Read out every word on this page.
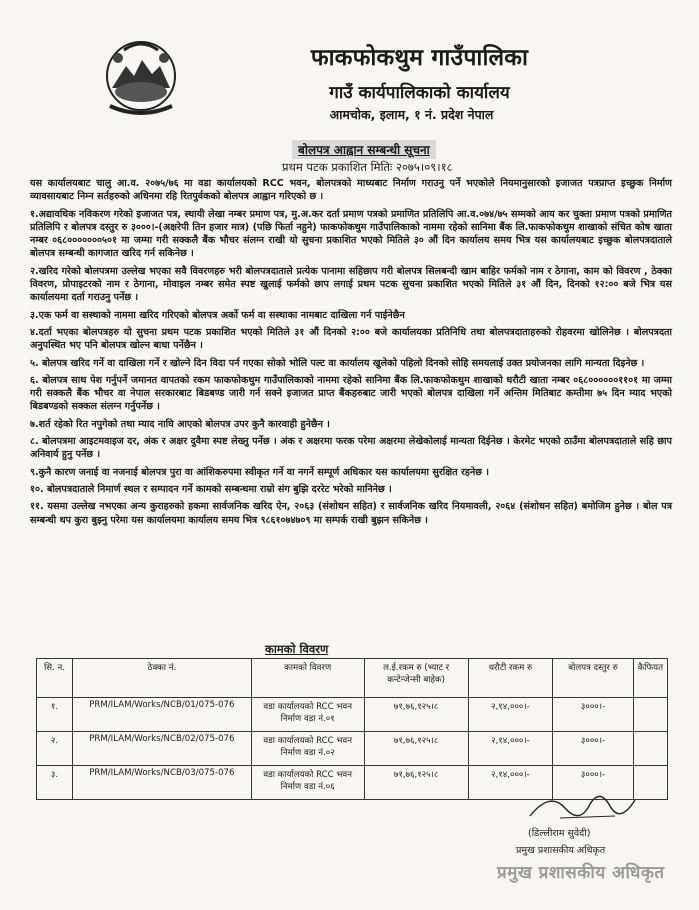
फाकफोकथुम गाउँपालिका
गाउँ कार्यपालिकाको कार्यालय
आमचोक, इलाम, १ नं. प्रदेश नेपाल
बोलपत्र आह्वान सम्बन्धी सूचना
प्रथम पटक प्रकाशित मितिः २०७५।०९।१८

यस कार्यालयबाट चालु आ.व. २०७५/७६ मा वडा कार्यालयको RCC भवन, बोलपत्रको माध्यबाट निर्माण गराउनु पर्ने भएकोले नियमानुसारको इजाजत पत्रप्राप्त इच्छुक निर्माण व्यावसायबाट निम्न सर्तहरुको अधिनमा रहि रितपुर्वकको बोलपत्र आह्वान गरिएको छ ।

१.अद्यावधिक नविकरण गरेको इजाजत पत्र, स्थायी लेखा नम्बर प्रमाण पत्र, मु.अ.कर दर्ता प्रमाण पत्रको प्रमाणित प्रतिलिपि आ.व.०७४/७५ सम्मको आय कर चुक्ता प्रमाण पत्रको प्रमाणित प्रतिलिपि र बोलपत्र दस्तुर रु ३०००।-(अक्षरेपी तिन हजार मात्र) (पछि फिर्ता नहुने) फाकफोकथुम गाउँपालिकाको नाममा रहेको सानिमा बैंक लि.फाकफोकथुम शाखाको संचित कोष खाता नम्बर ०६८०००००००५०१ मा जम्मा गरी सक्कलै बैंक भौचर संलग्न राखी यो सुचना प्रकाशित भएको मितिले ३० औं दिन कार्यालय समय भित्र यस कार्यालयबाट इच्छुक बोलपत्रदाताले बोलपत्र सम्बन्धी कागजात खरिद गर्न सकिनेछ ।

२.खरिद गरेको बोलपत्रमा उल्लेख भएका सवै विवरणहरु भरी बोलपत्रदाताले प्रत्येक पानामा सहिछाप गरी बोलपत्र सिलबन्दी खाम बाहिर फर्मको नाम र ठेगाना, काम को विवरण , ठेक्का विवरण, प्रोपाइटरको नाम र ठेगाना, मोवाइल नम्बर समेत स्पष्ट खुलाई फर्मको छाप लगाई प्रथम पटक सुचना प्रकाशित भएको मितिले ३१ औं दिन, दिनको १२:०० बजे भित्र यस कार्यालयमा दर्ता गराउनु पर्नेछ ।

३.एक फर्म वा सस्थाको नाममा खरिद गरिएको बोलपत्र अर्को फर्म वा सस्थाका नामबाट दाखिला गर्न पाईनेछैन

४.दर्ता भएका बोलपत्रहरु यो सुचना प्रथम पटक प्रकाशित भएको मितिले ३१ औं दिनको २:०० बजे कार्यालयका प्रतिनिधि तथा बोलपत्रदाताहरुको रोहवरमा खोलिनेछ । बोलपत्रदता अनुपस्थित भए पनि बोलपत्र खोल्न बाधा पर्नेछैन ।

५. बोलपत्र खरिद गर्ने वा दाखिला गर्ने र खोल्ने दिन विदा पर्न गएका सोको भोलि पल्ट वा कार्यालय खुलेको पहिलो दिनको सोहि समयलाई उक्त प्रयोजनका लागि मान्यता दिइनेछ ।

६. बोलपत्र साथ पेश गर्नुपर्ने जमानत वापतको रकम फाकफोकथुम गाउँपालिकाको नाममा रहेको सानिमा बैंक लि.फाकफोकथुम शाखाको धरौटी खाता नम्बर ०६८००००००११०१ मा जम्मा गरी सक्कलै बैंक भौचर वा नेपाल सरकारबाट बिडबण्ड जारी गर्न सक्ने इजाजत प्राप्त बैंकहरुबाट जारी भएको बोलपत्र दाखिला गर्ने अन्तिम मितिबाट कम्तीमा ७५ दिन म्याद भएको बिडबण्डको सक्कल संलग्न गर्नुपर्नेछ ।

७.शर्त रहेको रित नपुगेको तथा म्याद नाघि आएको बोलपत्र उपर कुनै कारवाही हुनेछैन ।

८. बोलपत्रमा आइटमवाइज दर, अंक र अक्षर दुवैमा स्पष्ट लेख्नु पर्नेछ । अंक र अक्षरमा फरक परेमा अक्षरमा लेखेकोलाई मान्यता दिईनेछ । केरमेट भएको ठाउँमा बोलपत्रदाताले सहि छाप अनिवार्य हुनु पर्नेछ ।

९.कुनै कारण जनाई वा नजनाई बोलपत्र पुरा वा आंशिकरुपमा स्वीकृत गर्ने वा नगर्ने सम्पूर्ण अधिकार यस कार्यालयमा सुरक्षित रहनेछ ।

१०. बोलपत्रदाताले निमार्ण स्थल र सम्पादन गर्ने कामको सम्बन्धमा राम्रो संग बुझि दररेट भरेको मानिनेछ ।

११. यसमा उल्लेख नभएका अन्य कुराहरुको हकमा सार्वजनिक खरिद ऐन, २०६३ (संशोधन सहित) र सार्वजनिक खरिद नियमावली, २०६४ (संशोधन सहित) बमोजिम हुनेछ । बोल पत्र सम्बन्धी थप कुरा बुझ्नु परेमा यस कार्यालयमा कार्यालय समय भित्र ९८६१०७४७०९ मा सम्पर्क राखी बुझन सकिनेछ ।

कामको विवरण
सि. न.	ठेक्का नं.	कामको विवरण	ल.ई.रकम रु (भ्याट र कन्टेन्जेन्सी बाहेक)	धरौटी रकम रु	बोलपत्र दस्तुर रु	कैफियत
१.	PRM/ILAM/Works/NCB/01/075-076	वडा कार्यालयको RCC भवन निर्माण वडा नं.०१	७१,७६,१२५।८	२,१४,०००।-	३०००।-	
२.	PRM/ILAM/Works/NCB/02/075-076	वडा कार्यालयको RCC भवन निर्माण वडा नं.०२	७१,७६,१२५।८	२,१४,०००।-	३०००।-	
३.	PRM/ILAM/Works/NCB/03/075-076	वडा कार्यालयको RCC भवन निर्माण वडा नं.०६	७१,७६,१२५।८	२,१४,०००।-	३०००।-	
(डिल्लीराम सुवेदी)
प्रमुख प्रशासकीय अधिकृत
प्रमुख प्रशासकीय अधिकृत
